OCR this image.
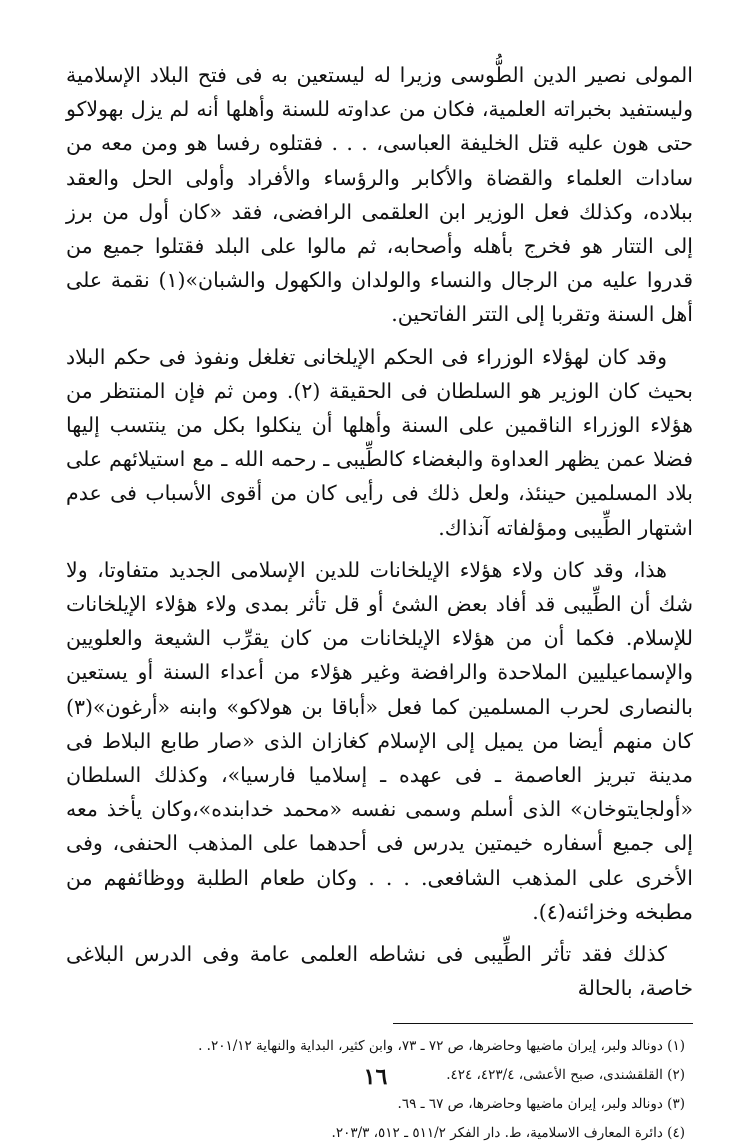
المولى نصير الدين الطُّوسى وزيرا له ليستعين به فى فتح البلاد الإسلامية وليستفيد بخبراته العلمية، فكان من عداوته للسنة وأهلها أنه لم يزل بهولاكو حتى هون عليه قتل الخليفة العباسى، . . . فقتلوه رفسا هو ومن معه من سادات العلماء والقضاة والأكابر والرؤساء والأفراد وأولى الحل والعقد ببلاده، وكذلك فعل الوزير ابن العلقمى الرافضى، فقد «كان أول من برز إلى التتار هو فخرج بأهله وأصحابه، ثم مالوا على البلد فقتلوا جميع من قدروا عليه من الرجال والنساء والولدان والكهول والشبان»(١) نقمة على أهل السنة وتقربا إلى التتر الفاتحين.

وقد كان لهؤلاء الوزراء فى الحكم الإيلخانى تغلغل ونفوذ فى حكم البلاد بحيث كان الوزير هو السلطان فى الحقيقة (٢). ومن ثم فإن المنتظر من هؤلاء الوزراء الناقمين على السنة وأهلها أن ينكلوا بكل من ينتسب إليها فضلا عمن يظهر العداوة والبغضاء كالطِّيبى ـ رحمه الله ـ مع استيلائهم على بلاد المسلمين حينئذ، ولعل ذلك فى رأيى كان من أقوى الأسباب فى عدم اشتهار الطِّيبى ومؤلفاته آنذاك.

هذا، وقد كان ولاء هؤلاء الإيلخانات للدين الإسلامى الجديد متفاوتا، ولا شك أن الطِّيبى قد أفاد بعض الشئ أو قل تأثر بمدى ولاء هؤلاء الإيلخانات للإسلام. فكما أن من هؤلاء الإيلخانات من كان يقرِّب الشيعة والعلويين والإسماعيليين الملاحدة والرافضة وغير هؤلاء من أعداء السنة أو يستعين بالنصارى لحرب المسلمين كما فعل «أباقا بن هولاكو» وابنه «أرغون»(٣) كان منهم أيضا من يميل إلى الإسلام كغازان الذى «صار طابع البلاط فى مدينة تبريز العاصمة ـ فى عهده ـ إسلاميا فارسيا»، وكذلك السلطان «أولجايتوخان» الذى أسلم وسمى نفسه «محمد خدابنده»،وكان يأخذ معه إلى جميع أسفاره خيمتين يدرس فى أحدهما على المذهب الحنفى، وفى الأخرى على المذهب الشافعى. . . . وكان طعام الطلبة ووظائفهم من مطبخه وخزائنه(٤).

كذلك فقد تأثر الطِّيبى فى نشاطه العلمى عامة وفى الدرس البلاغى خاصة، بالحالة

(١) دونالد ولبر، إيران ماضيها وحاضرها، ص ٧٢ ـ ٧٣، وابن كثير، البداية والنهاية ٢٠١/١٢. .

(٢) القلقشندى، صبح الأعشى، ٤٢٣/٤، ٤٢٤.

(٣) دونالد ولبر، إيران ماضيها وحاضرها، ص ٦٧ ـ ٦٩.

(٤) دائرة المعارف الاسلامية، ط. دار الفكر ٥١١/٢ ـ ٥١٢، ٢٠٣/٣.

١٦
